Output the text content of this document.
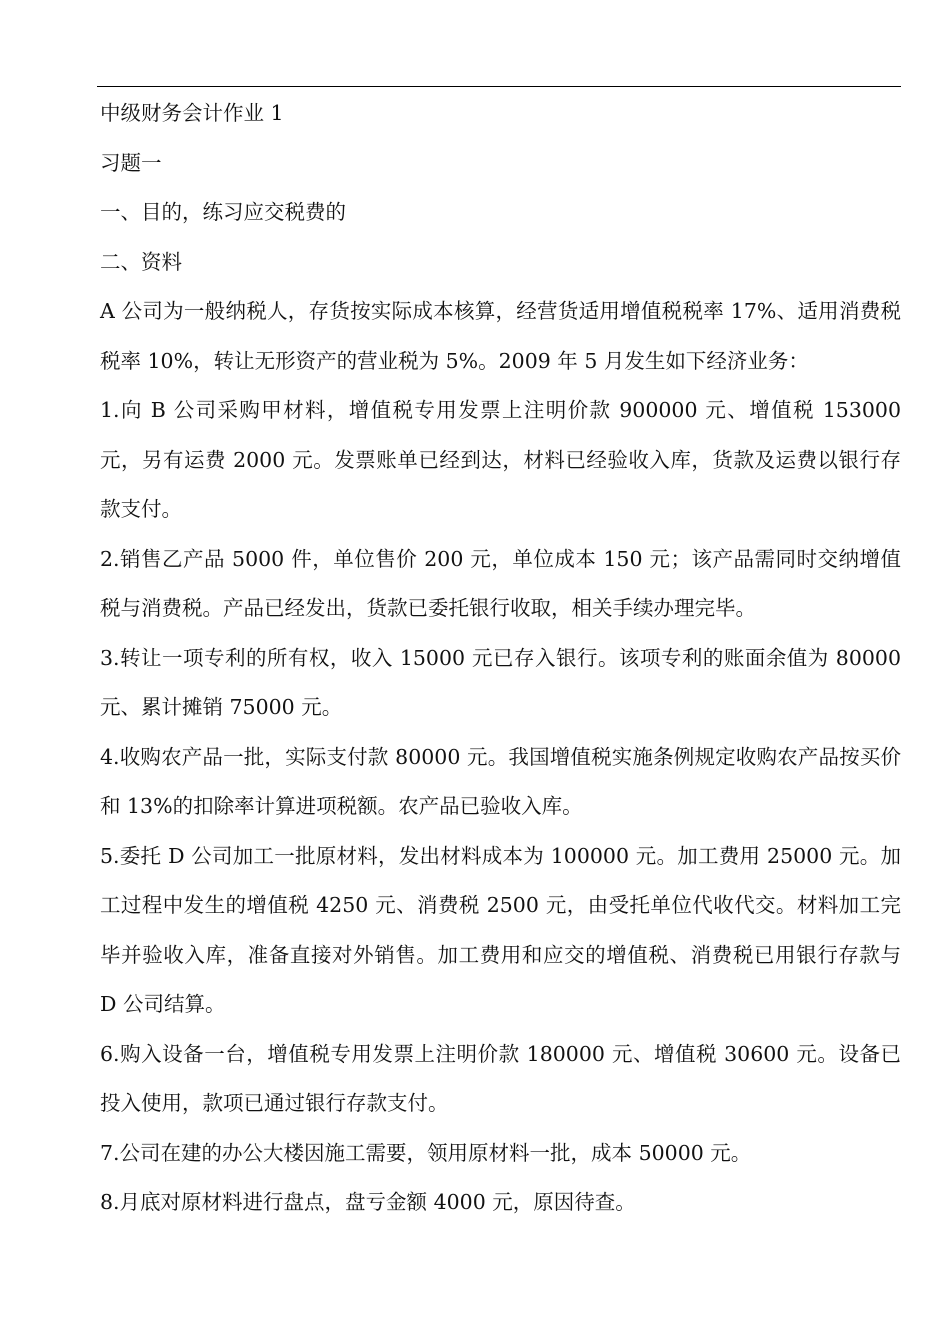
中级财务会计作业 1

习题一

一、目的，练习应交税费的

二、资料

A 公司为一般纳税人，存货按实际成本核算，经营货适用增值税税率 17%、适用消费税税率 10%，转让无形资产的营业税为 5%。2009 年 5 月发生如下经济业务：

1.向 B 公司采购甲材料，增值税专用发票上注明价款 900000 元、增值税 153000 元，另有运费 2000 元。发票账单已经到达，材料已经验收入库，货款及运费以银行存款支付。

2.销售乙产品 5000 件，单位售价 200 元，单位成本 150 元；该产品需同时交纳增值税与消费税。产品已经发出，货款已委托银行收取，相关手续办理完毕。

3.转让一项专利的所有权，收入 15000 元已存入银行。该项专利的账面余值为 80000 元、累计摊销 75000 元。

4.收购农产品一批，实际支付款 80000 元。我国增值税实施条例规定收购农产品按买价和 13%的扣除率计算进项税额。农产品已验收入库。

5.委托 D 公司加工一批原材料，发出材料成本为 100000 元。加工费用 25000 元。加工过程中发生的增值税 4250 元、消费税 2500 元，由受托单位代收代交。材料加工完毕并验收入库，准备直接对外销售。加工费用和应交的增值税、消费税已用银行存款与 D 公司结算。

6.购入设备一台，增值税专用发票上注明价款 180000 元、增值税 30600 元。设备已投入使用，款项已通过银行存款支付。

7.公司在建的办公大楼因施工需要，领用原材料一批，成本 50000 元。

8.月底对原材料进行盘点，盘亏金额 4000 元，原因待查。
